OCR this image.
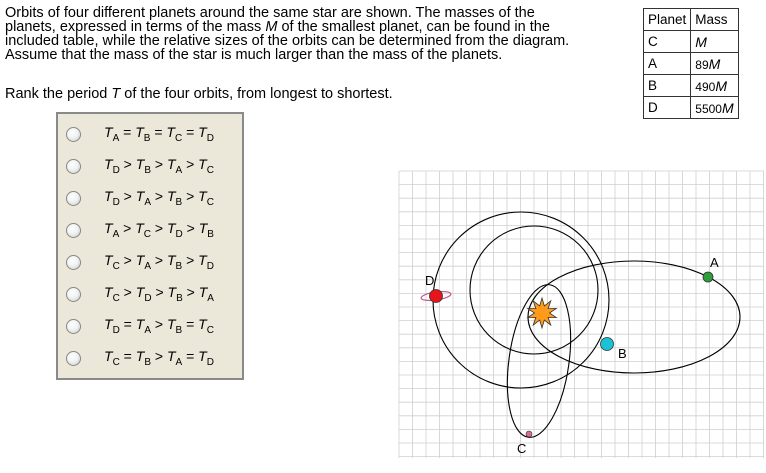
Orbits of four different planets around the same star are shown. The masses of the
planets, expressed in terms of the mass M of the smallest planet, can be found in the
included table, while the relative sizes of the orbits can be determined from the diagram.
Assume that the mass of the star is much larger than the mass of the planets.
Rank the period T of the four orbits, from longest to shortest.
Planet	Mass
C	M
A	89M
B	490M
D	5500M
$T_A = T_B = T_C = T_D$
$T_D > T_B > T_A > T_C$
$T_D > T_A > T_B > T_C$
$T_A > T_C > T_D > T_B$
$T_C > T_A > T_B > T_D$
$T_C > T_D > T_B > T_A$
$T_D = T_A > T_B = T_C$
$T_C = T_B > T_A = T_D$
A
B
C
D
